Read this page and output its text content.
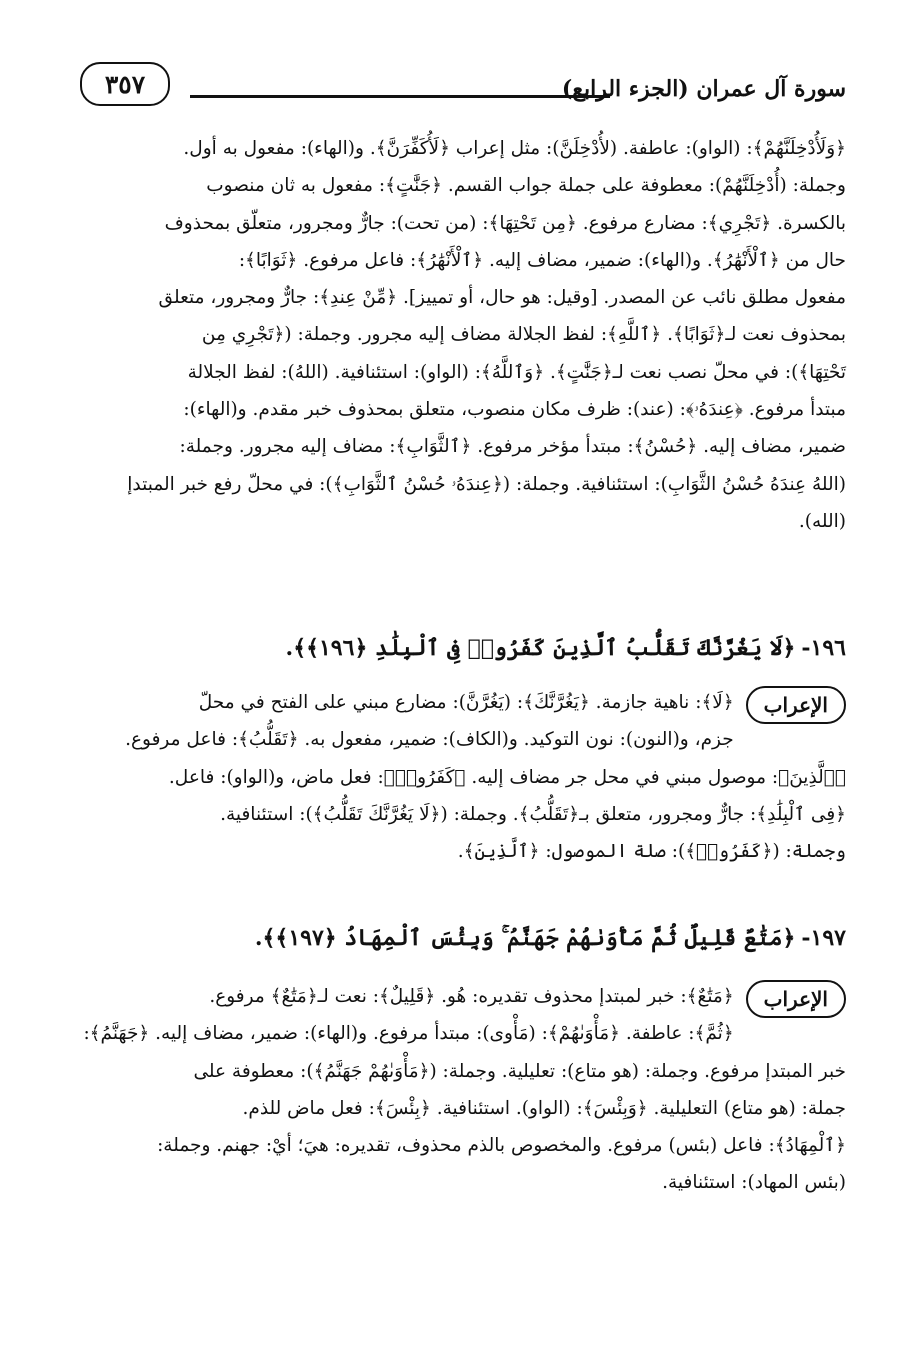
٣٥٧	سورة آل عمران (الجزء الرابع)

﴿وَلَأُدْخِلَنَّهُمْ﴾: (الواو): عاطفة. (لأُدْخِلَنَّ): مثل إعراب ﴿لَأُكَفِّرَنَّ﴾. و(الهاء): مفعول به أول.

وجملة: (أُدْخِلَنَّهُمْ): معطوفة على جملة جواب القسم. ﴿جَنَّٰتٍ﴾: مفعول به ثان منصوب

بالكسرة. ﴿تَجْرِي﴾: مضارع مرفوع. ﴿مِن تَحْتِهَا﴾: (من تحت): جارٌّ ومجرور، متعلّق بمحذوف

حال من ﴿ٱلْأَنْهَٰرُ﴾. و(الهاء): ضمير، مضاف إليه. ﴿ٱلْأَنْهَٰرُ﴾: فاعل مرفوع. ﴿ثَوَابًا﴾:

مفعول مطلق نائب عن المصدر. [وقيل: هو حال، أو تمييز]. ﴿مِّنْ عِندِ﴾: جارٌّ ومجرور، متعلق

بمحذوف نعت لـ﴿ثَوَابًا﴾. ﴿ٱللَّهِ﴾: لفظ الجلالة مضاف إليه مجرور. وجملة: (﴿تَجْرِي مِن

تَحْتِهَا﴾): في محلّ نصب نعت لـ﴿جَنَّٰتٍ﴾. ﴿وَٱللَّهُ﴾: (الواو): استئنافية. (اللهُ): لفظ الجلالة

مبتدأ مرفوع. ﴿عِندَهُۥ﴾: (عند): ظرف مكان منصوب، متعلق بمحذوف خبر مقدم. و(الهاء):

ضمير، مضاف إليه. ﴿حُسْنُ﴾: مبتدأ مؤخر مرفوع. ﴿ٱلثَّوَابِ﴾: مضاف إليه مجرور. وجملة:

(اللهُ عِندَهُ حُسْنُ الثَّوَابِ): استئنافية. وجملة: (﴿عِندَهُۥ حُسْنُ ٱلثَّوَابِ﴾): في محلّ رفع خبر المبتدإ

(الله).

١٩٦-﴿لَا يَغُرَّنَّكَ تَقَلُّبُ ٱلَّذِينَ كَفَرُوا۟ فِى ٱلْبِلَٰدِ ﴿١٩٦﴾﴾.
الإعراب

﴿لَا﴾: ناهية جازمة. ﴿يَغُرَّنَّكَ﴾: (يَغُرَّنَّ): مضارع مبني على الفتح في محلّ

جزم، و(النون): نون التوكيد. و(الكاف): ضمير، مفعول به. ﴿تَقَلُّبُ﴾: فاعل مرفوع.

﴿ٱلَّذِينَ﴾: موصول مبني في محل جر مضاف إليه. ﴿كَفَرُوا۟﴾: فعل ماض، و(الواو): فاعل.

﴿فِى ٱلْبِلَٰدِ﴾: جارٌّ ومجرور، متعلق بـ﴿تَقَلُّبُ﴾. وجملة: (﴿لَا يَغُرَّنَّكَ تَقَلُّبُ﴾): استئنافية.

وجملة: (﴿كَفَرُوا۟﴾): صلة الموصول: ﴿ٱلَّذِينَ﴾.

١٩٧-﴿مَتَٰعٌ قَلِيلٌ ثُمَّ مَأْوَىٰهُمْ جَهَنَّمُ ۚ وَبِئْسَ ٱلْمِهَادُ ﴿١٩٧﴾﴾.
الإعراب

﴿مَتَٰعٌ﴾: خبر لمبتدإ محذوف تقديره: هُو. ﴿قَلِيلٌ﴾: نعت لـ﴿مَتَٰعٌ﴾ مرفوع.

﴿ثُمَّ﴾: عاطفة. ﴿مَأْوَىٰهُمْ﴾: (مَأْوى): مبتدأ مرفوع. و(الهاء): ضمير، مضاف إليه. ﴿جَهَنَّمُ﴾:

خبر المبتدإ مرفوع. وجملة: (هو متاع): تعليلية. وجملة: (﴿مَأْوَىٰهُمْ جَهَنَّمُ﴾): معطوفة على

جملة: (هو متاع) التعليلية. ﴿وَبِئْسَ﴾: (الواو). استئنافية. ﴿بِئْسَ﴾: فعل ماض للذم.

﴿ٱلْمِهَادُ﴾: فاعل (بئس) مرفوع. والمخصوص بالذم محذوف، تقديره: هيَ؛ أيْ: جهنم. وجملة:

(بئس المهاد): استئنافية.
